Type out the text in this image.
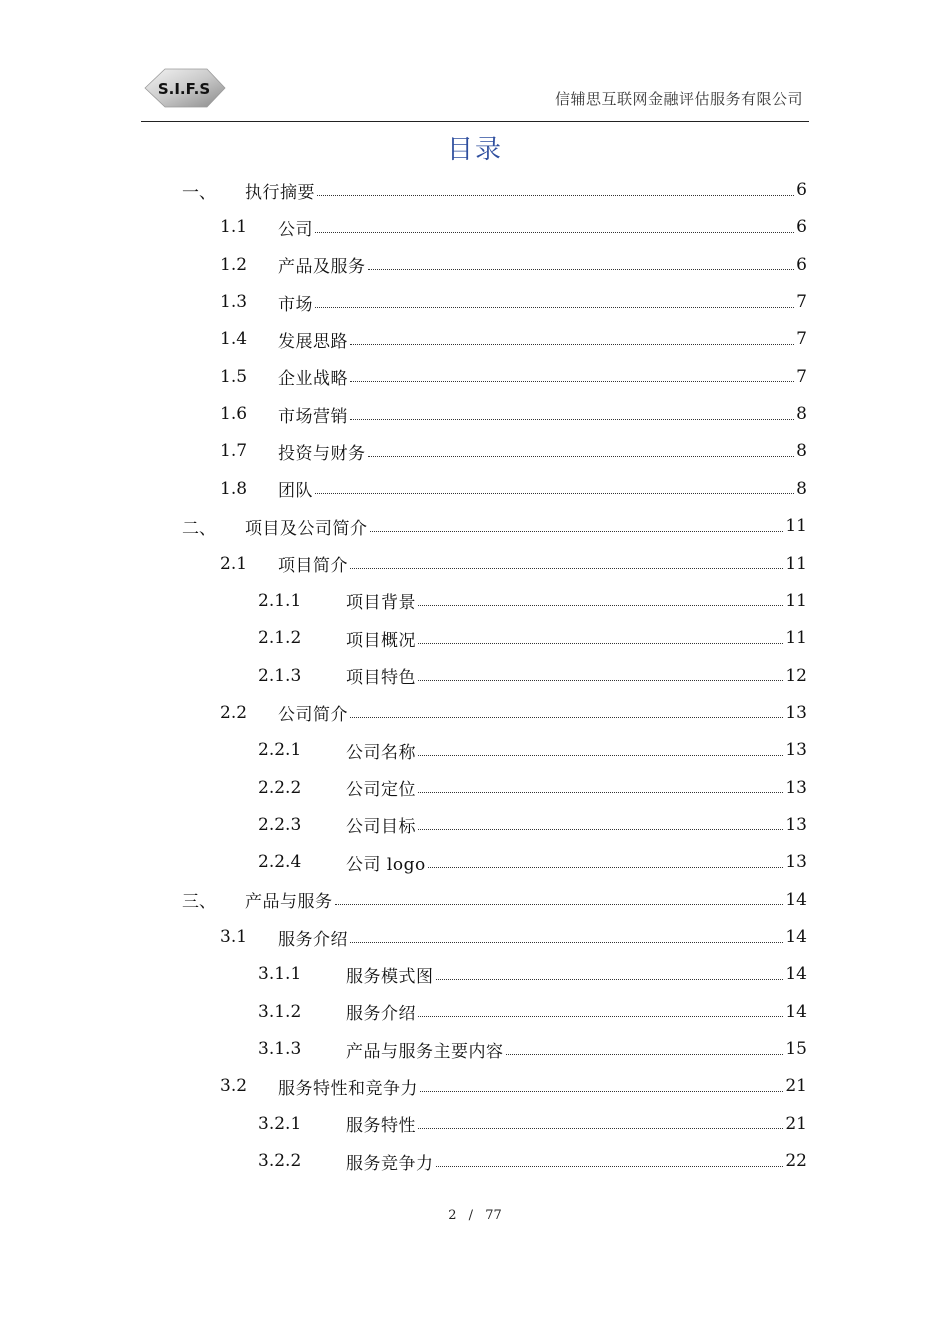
S.I.F.S
信辅思互联网金融评估服务有限公司
目录
一、	执行摘要	6
1.1	公司	6
1.2	产品及服务	6
1.3	市场	7
1.4	发展思路	7
1.5	企业战略	7
1.6	市场营销	8
1.7	投资与财务	8
1.8	团队	8
二、	项目及公司简介	11
2.1	项目简介	11
2.1.1	项目背景	11
2.1.2	项目概况	11
2.1.3	项目特色	12
2.2	公司简介	13
2.2.1	公司名称	13
2.2.2	公司定位	13
2.2.3	公司目标	13
2.2.4	公司 logo	13
三、	产品与服务	14
3.1	服务介绍	14
3.1.1	服务模式图	14
3.1.2	服务介绍	14
3.1.3	产品与服务主要内容	15
3.2	服务特性和竞争力	21
3.2.1	服务特性	21
3.2.2	服务竞争力	22
2 / 77
